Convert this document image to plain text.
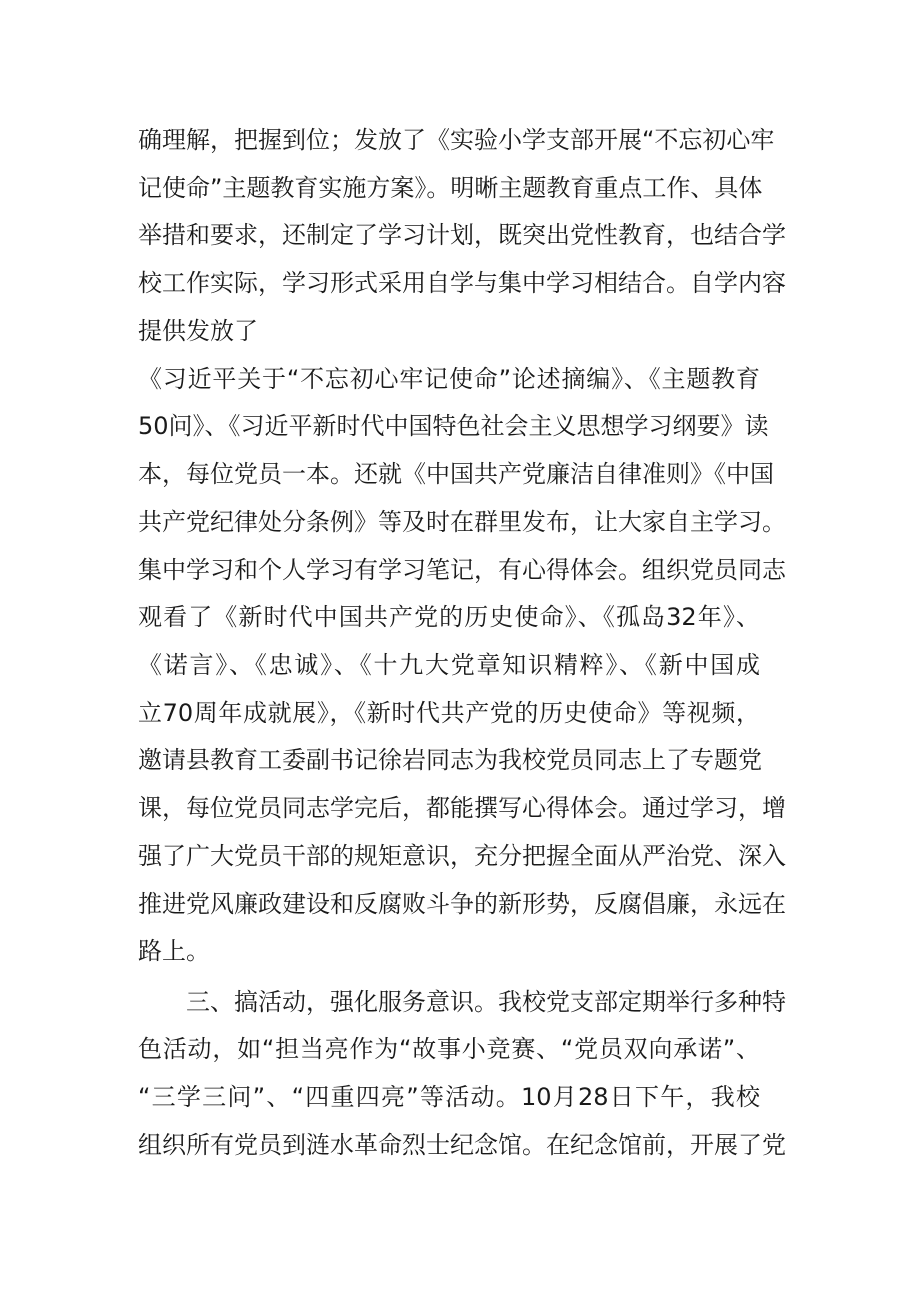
确理解，把握到位；发放了《实验小学支部开展“不忘初心牢

记使命”主题教育实施方案》。明晰主题教育重点工作、具体

举措和要求，还制定了学习计划，既突出党性教育，也结合学

校工作实际，学习形式采用自学与集中学习相结合。自学内容

提供发放了

《习近平关于“不忘初心牢记使命”论述摘编》、《主题教育

50问》、《习近平新时代中国特色社会主义思想学习纲要》读

本，每位党员一本。还就《中国共产党廉洁自律准则》《中国

共产党纪律处分条例》等及时在群里发布，让大家自主学习。

集中学习和个人学习有学习笔记，有心得体会。组织党员同志

观看了《新时代中国共产党的历史使命》、《孤岛32年》、

《诺言》、《忠诚》、《十九大党章知识精粹》、《新中国成

立70周年成就展》，《新时代共产党的历史使命》等视频，

邀请县教育工委副书记徐岩同志为我校党员同志上了专题党

课，每位党员同志学完后，都能撰写心得体会。通过学习，增

强了广大党员干部的规矩意识，充分把握全面从严治党、深入

推进党风廉政建设和反腐败斗争的新形势，反腐倡廉，永远在

路上。

三、搞活动，强化服务意识。我校党支部定期举行多种特

色活动，如“担当亮作为“故事小竞赛、“党员双向承诺”、

“三学三问”、“四重四亮”等活动。10月28日下午，我校

组织所有党员到涟水革命烈士纪念馆。在纪念馆前，开展了党
